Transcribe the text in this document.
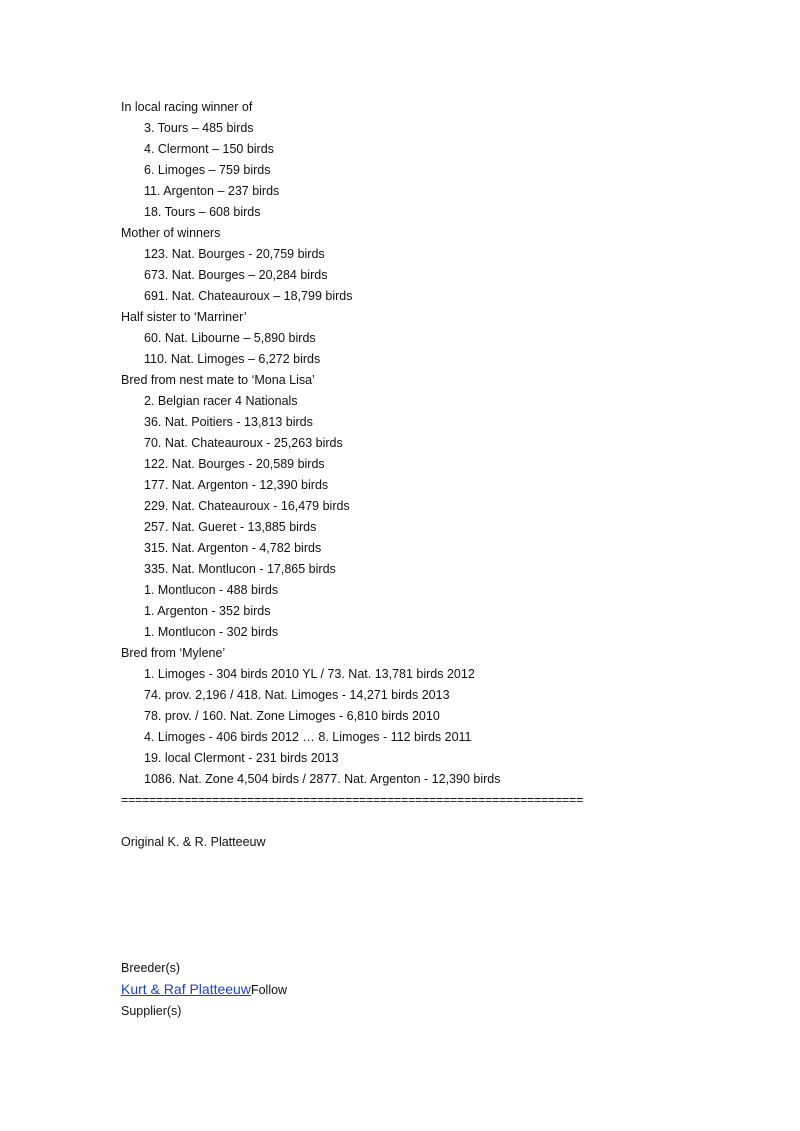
In local racing winner of
3. Tours – 485 birds
4. Clermont – 150 birds
6. Limoges – 759 birds
11. Argenton – 237 birds
18. Tours – 608 birds
Mother of winners
123. Nat. Bourges - 20,759 birds
673. Nat. Bourges – 20,284 birds
691. Nat. Chateauroux – 18,799 birds
Half sister to ‘Marriner’
60. Nat. Libourne – 5,890 birds
110. Nat. Limoges – 6,272 birds
Bred from nest mate to ‘Mona Lisa’
2. Belgian racer 4 Nationals
36. Nat. Poitiers - 13,813 birds
70. Nat. Chateauroux - 25,263 birds
122. Nat. Bourges - 20,589 birds
177. Nat. Argenton - 12,390 birds
229. Nat. Chateauroux - 16,479 birds
257. Nat. Gueret - 13,885 birds
315. Nat. Argenton - 4,782 birds
335. Nat. Montlucon - 17,865 birds
1. Montlucon - 488 birds
1. Argenton - 352 birds
1. Montlucon - 302 birds
Bred from ‘Mylene’
1. Limoges - 304 birds 2010 YL / 73. Nat. 13,781 birds 2012
74. prov. 2,196 / 418. Nat. Limoges - 14,271 birds 2013
78. prov. / 160. Nat. Zone Limoges - 6,810 birds 2010
4. Limoges - 406 birds 2012 … 8. Limoges - 112 birds 2011
19. local Clermont - 231 birds 2013
1086. Nat. Zone 4,504 birds / 2877. Nat. Argenton - 12,390 birds
==================================================================
Original K. & R. Platteeuw
Breeder(s)
Kurt & Raf PlatteeuwFollow
Supplier(s)
